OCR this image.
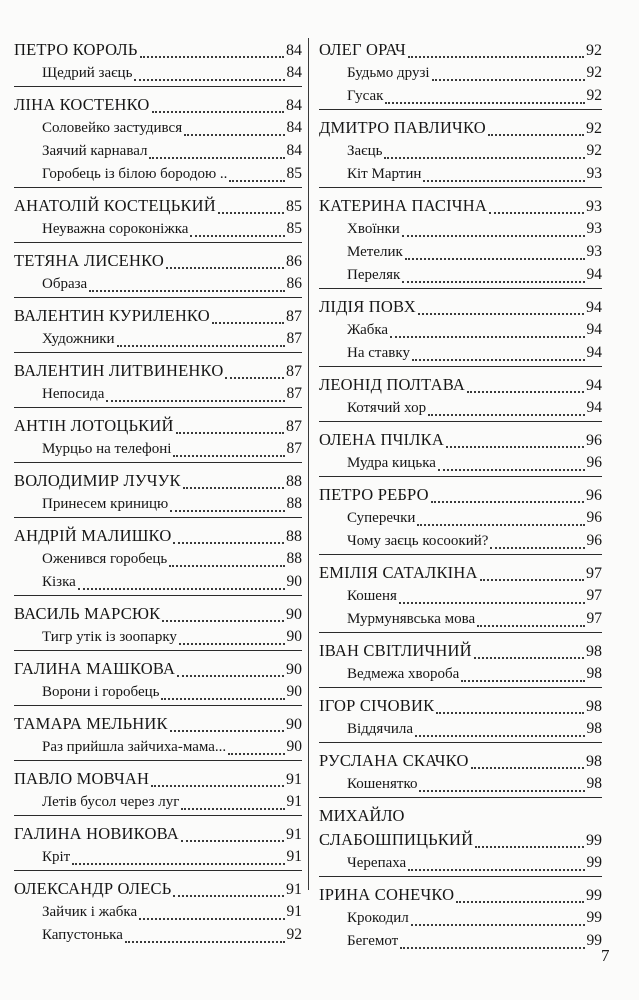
ПЕТРО КОРОЛЬ	84
Щедрий заєць	84
ЛІНА КОСТЕНКО	84
Соловейко застудився	84
Заячий карнавал	84
Горобець із білою бородою ..	85
АНАТОЛІЙ КОСТЕЦЬКИЙ	85
Неуважна сороконіжка	85
ТЕТЯНА ЛИСЕНКО	86
Образа	86
ВАЛЕНТИН КУРИЛЕНКО	87
Художники	87
ВАЛЕНТИН ЛИТВИНЕНКО	87
Непосида	87
АНТІН ЛОТОЦЬКИЙ	87
Мурцьо на телефоні	87
ВОЛОДИМИР ЛУЧУК	88
Принесем криницю	88
АНДРІЙ МАЛИШКО	88
Оженився горобець	88
Кізка	90
ВАСИЛЬ МАРСЮК	90
Тигр утік із зоопарку	90
ГАЛИНА МАШКОВА	90
Ворони і горобець	90
ТАМАРА МЕЛЬНИК	90
Раз прийшла зайчиха-мама...	90
ПАВЛО МОВЧАН	91
Летів бусол через луг	91
ГАЛИНА НОВИКОВА	91
Кріт	91
ОЛЕКСАНДР ОЛЕСЬ	91
Зайчик і жабка	91
Капустонька	92
ОЛЕГ ОРАЧ	92
Будьмо друзі	92
Гусак	92
ДМИТРО ПАВЛИЧКО	92
Заєць	92
Кіт Мартин	93
КАТЕРИНА ПАСІЧНА	93
Хвоїнки	93
Метелик	93
Переляк	94
ЛІДІЯ ПОВХ	94
Жабка	94
На ставку	94
ЛЕОНІД ПОЛТАВА	94
Котячий хор	94
ОЛЕНА ПЧІЛКА	96
Мудра кицька	96
ПЕТРО РЕБРО	96
Суперечки	96
Чому заєць косоокий?	96
ЕМІЛІЯ САТАЛКІНА	97
Кошеня	97
Мурмунявська мова	97
ІВАН СВІТЛИЧНИЙ	98
Ведмежа хвороба	98
ІГОР СІЧОВИК	98
Віддячила	98
РУСЛАНА СКАЧКО	98
Кошенятко	98
МИХАЙЛО
СЛАБОШПИЦЬКИЙ	99
Черепаха	99
ІРИНА СОНЕЧКО	99
Крокодил	99
Бегемот	99
7
